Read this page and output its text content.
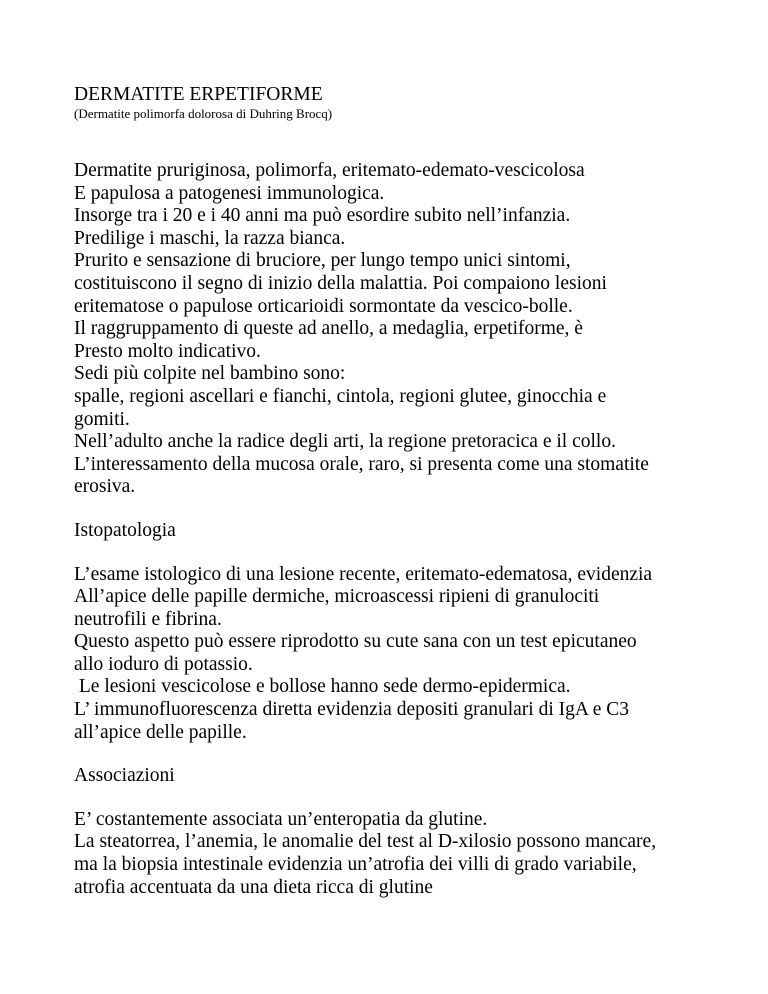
DERMATITE ERPETIFORME
(Dermatite polimorfa dolorosa di Duhring Brocq)
Dermatite pruriginosa, polimorfa, eritemato-edemato-vescicolosa
E papulosa a patogenesi immunologica.
Insorge tra i 20 e i 40 anni ma può esordire subito nell’infanzia.
Predilige i maschi, la razza bianca.
Prurito e sensazione di bruciore, per lungo tempo unici sintomi,
costituiscono il segno di inizio della malattia. Poi compaiono lesioni
eritematose o papulose orticarioidi sormontate da vescico-bolle.
Il raggruppamento di queste ad anello, a medaglia, erpetiforme, è
Presto molto indicativo.
Sedi più colpite nel bambino sono:
spalle, regioni ascellari e fianchi, cintola, regioni glutee, ginocchia e
gomiti.
Nell’adulto anche la radice degli arti, la regione pretoracica e il collo.
L’interessamento della mucosa orale, raro, si presenta come una stomatite
erosiva.
Istopatologia
L’esame istologico di una lesione recente, eritemato-edematosa, evidenzia
All’apice delle papille dermiche, microascessi ripieni di granulociti
neutrofili e fibrina.
Questo aspetto può essere riprodotto su cute sana con un test epicutaneo
allo ioduro di potassio.
Le lesioni vescicolose e bollose hanno sede dermo-epidermica.
L’ immunofluorescenza diretta evidenzia depositi granulari di IgA e C3
all’apice delle papille.
Associazioni
E’ costantemente associata un’enteropatia da glutine.
La steatorrea, l’anemia, le anomalie del test al D-xilosio possono mancare,
ma la biopsia intestinale evidenzia un’atrofia dei villi di grado variabile,
atrofia accentuata da una dieta ricca di glutine
